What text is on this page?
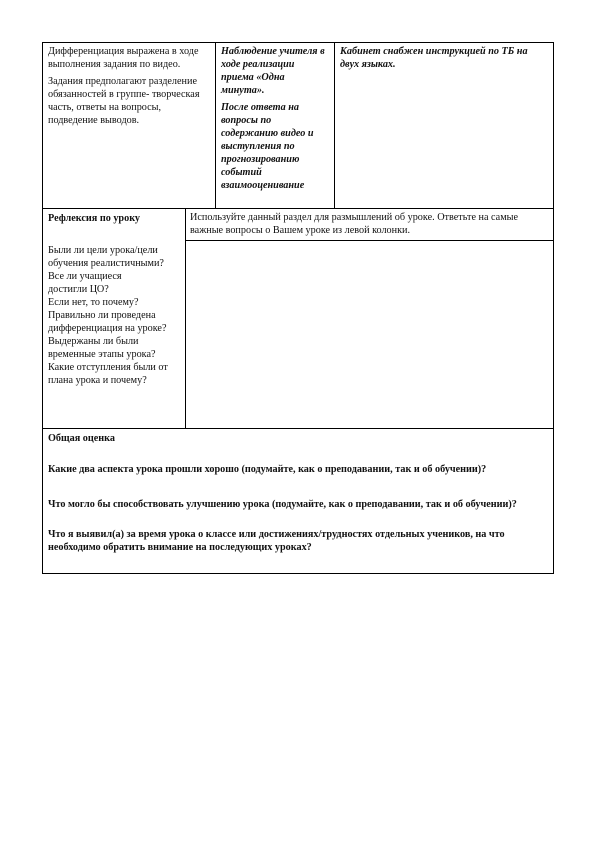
Дифференциация выражена в ходе выполнения задания по видео.

Задания предполагают разделение обязанностей в группе- творческая часть, ответы на вопросы, подведение выводов.

Наблюдение учителя в ходе реализации приема «Одна минута».

После ответа на вопросы по содержанию видео и выступления по прогнозированию событий взаимооценивание

Кабинет снабжен инструкцией по ТБ на двух языках.

Рефлексия по уроку	Используйте данный раздел для размышлений об уроке. Ответьте на самые важные вопросы о Вашем уроке из левой колонки.

Были ли цели урока/цели обучения реалистичными?

Все ли учащиеся достигли ЦО?

Если нет, то почему?

Правильно ли проведена дифференциация на уроке?

Выдержаны ли были временные этапы урока?

Какие отступления были от плана урока и почему?

Общая оценка
Какие два аспекта урока прошли хорошо (подумайте, как о преподавании, так и об обучении)?
Что могло бы способствовать улучшению урока (подумайте, как о преподавании, так и об обучении)?
Что я выявил(а) за время урока о классе или достижениях/трудностях отдельных учеников, на что необходимо обратить внимание на последующих уроках?
